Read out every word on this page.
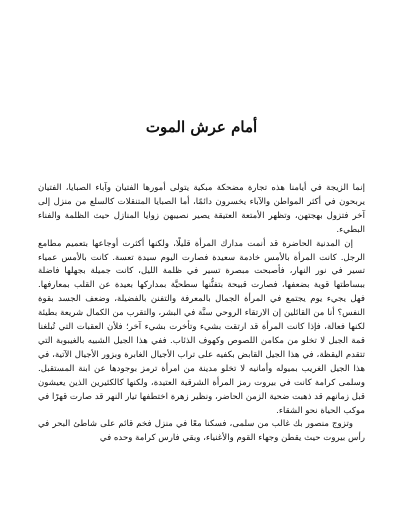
أمام عرش الموت

إنما الزيجة في أيامنا هذه تجارة مضحكة مبكية يتولى أمورها الفتيان وآباء الصبايا، الفتيان يربحون في أكثر المواطن والآباء يخسرون دائمًا، أما الصبايا المتنقلات كالسلع من منزل إلى آخر فتزول بهجتهن، وتظهر الأمتعة العتيقة يصير نصيبهن زوايا المنازل حيث الظلمة والفناء البطيء.

إن المدنية الحاضرة قد أنمت مدارك المرأة قليلًا، ولكنها أكثرت أوجاعها بتعميم مطامع الرجل. كانت المرأة بالأمس خادمة سعيدة فصارت اليوم سيدة تعسة. كانت بالأمس عمياء تسير في نور النهار، فأصبحت مبصرة تسير في ظلمة الليل، كانت جميلة بجهلها فاضلة ببساطتها قوية بضعفها، فصارت قبيحة بتفنُّنها سطحيَّة بمداركها بعيدة عن القلب بمعارفها. فهل يجيء يوم يجتمع في المرأة الجمال بالمعرفة والتفنن بالفضيلة، وضعف الجسد بقوة النفس؟ أنا من القائلين إن الارتقاء الروحي سنَّة في البشر، والتقرب من الكمال شريعة بطيئة لكنها فعالة، فإذا كانت المرأة قد ارتقت بشيء وتأخرت بشيء آخر؛ فلأن العقبات التي تُبلغنا قمة الجبل لا تخلو من مكامن اللصوص وكهوف الذئاب. ففي هذا الجيل الشبيه بالغيبوبة التي تتقدم اليقظة، في هذا الجيل القابض بكفيه على تراب الأجيال الغابرة وبزور الأجيال الآتية، في هذا الجيل الغريب بميوله وأمانيه لا تخلو مدينة من امرأة ترمز بوجودها عن ابنة المستقبل. وسلمى كرامة كانت في بيروت رمز المرأة الشرقية العتيدة، ولكنها كالكثيرين الذين يعيشون قبل زمانهم قد ذهبت ضحية الزمن الحاضر، ونظير زهرة اختطفها تيار النهر قد صارت قهرًا في موكب الحياة نحو الشقاء.

وتزوج منصور بك غالب من سلمى، فسكنا معًا في منزل فخم قائم على شاطئ البحر في رأس بيروت حيث يقطن وجهاء القوم والأغنياء، وبقي فارس كرامة وحده في
